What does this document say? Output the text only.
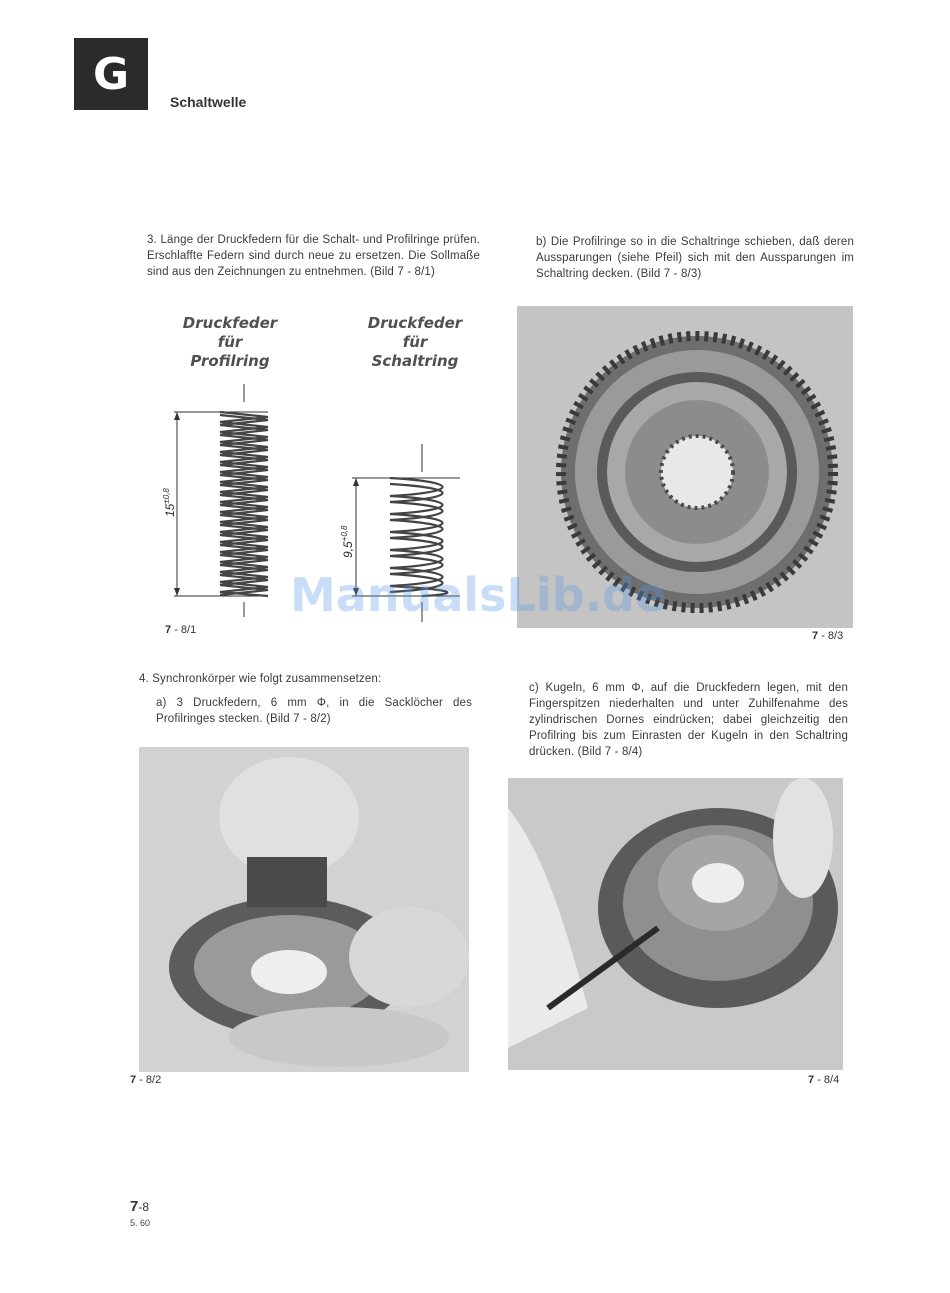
G
Schaltwelle

3. Länge der Druckfedern für die Schalt- und Profilringe prüfen. Erschlaffte Federn sind durch neue zu ersetzen. Die Sollmaße sind aus den Zeichnungen zu entnehmen. (Bild 7 - 8/1)

b) Die Profilringe so in die Schaltringe schieben, daß deren Aussparungen (siehe Pfeil) sich mit den Aussparungen im Schaltring decken. (Bild 7 - 8/3)

Druckfeder
für
Profilring
Druckfeder
für
Schaltring
$15^{\pm 0,8}$
$9,5^{+0,8}$
7 - 8/1	7 - 8/3
ManualsLib.de

4. Synchronkörper wie folgt zusammensetzen:

a) 3 Druckfedern, 6 mm Φ, in die Sacklöcher des Profilringes stecken. (Bild 7 - 8/2)

c) Kugeln, 6 mm Φ, auf die Druckfedern legen, mit den Fingerspitzen niederhalten und unter Zuhilfenahme des zylindrischen Dornes eindrücken; dabei gleichzeitig den Profilring bis zum Einrasten der Kugeln in den Schaltring drücken. (Bild 7 - 8/4)

7 - 8/2	7 - 8/4
7-8
5. 60
